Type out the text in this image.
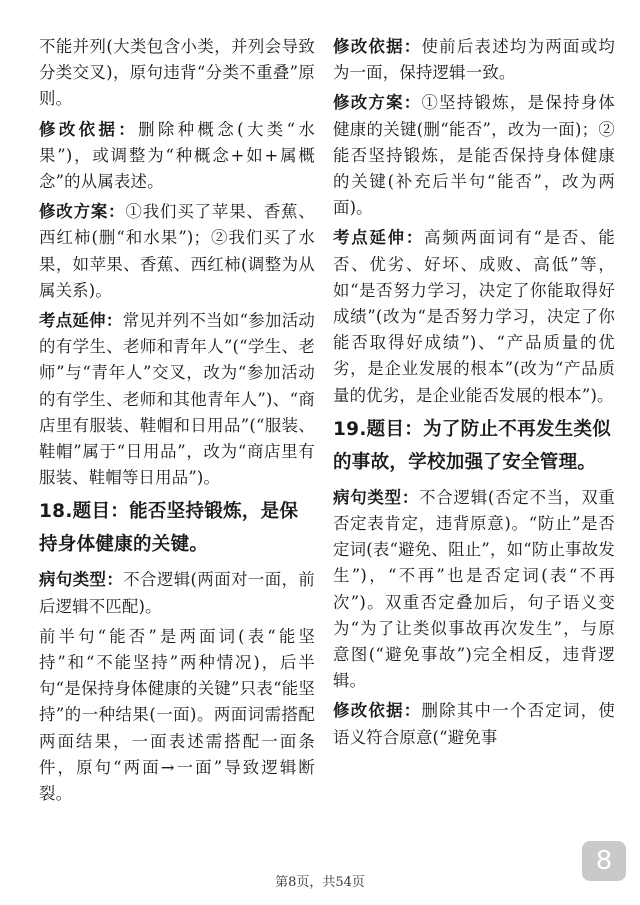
不能并列(大类包含小类，并列会导致分类交叉)，原句违背“分类不重叠”原则。

修改依据：删除种概念(大类“水果”)，或调整为“种概念+如+属概念”的从属表述。

修改方案：①我们买了苹果、香蕉、西红柿(删“和水果”)；②我们买了水果，如苹果、香蕉、西红柿(调整为从属关系)。

考点延伸：常见并列不当如“参加活动的有学生、老师和青年人”(“学生、老师”与“青年人”交叉，改为“参加活动的有学生、老师和其他青年人”)、“商店里有服装、鞋帽和日用品”(“服装、鞋帽”属于“日用品”，改为“商店里有服装、鞋帽等日用品”)。

18.题目：能否坚持锻炼，是保持身体健康的关键。

病句类型：不合逻辑(两面对一面，前后逻辑不匹配)。

前半句“能否”是两面词(表“能坚持”和“不能坚持”两种情况)，后半句“是保持身体健康的关键”只表“能坚持”的一种结果(一面)。两面词需搭配两面结果，一面表述需搭配一面条件，原句“两面→一面”导致逻辑断裂。

修改依据：使前后表述均为两面或均为一面，保持逻辑一致。

修改方案：①坚持锻炼，是保持身体健康的关键(删“能否”，改为一面)；②能否坚持锻炼，是能否保持身体健康的关键(补充后半句“能否”，改为两面)。

考点延伸：高频两面词有“是否、能否、优劣、好坏、成败、高低”等，如“是否努力学习，决定了你能取得好成绩”(改为“是否努力学习，决定了你能否取得好成绩”)、“产品质量的优劣，是企业发展的根本”(改为“产品质量的优劣，是企业能否发展的根本”)。

19.题目：为了防止不再发生类似的事故，学校加强了安全管理。

病句类型：不合逻辑(否定不当，双重否定表肯定，违背原意)。“防止”是否定词(表“避免、阻止”，如“防止事故发生”)，“不再”也是否定词(表“不再次”)。双重否定叠加后，句子语义变为“为了让类似事故再次发生”，与原意图(“避免事故”)完全相反，违背逻辑。

修改依据：删除其中一个否定词，使语义符合原意(“避免事

第8页，共54页
8
